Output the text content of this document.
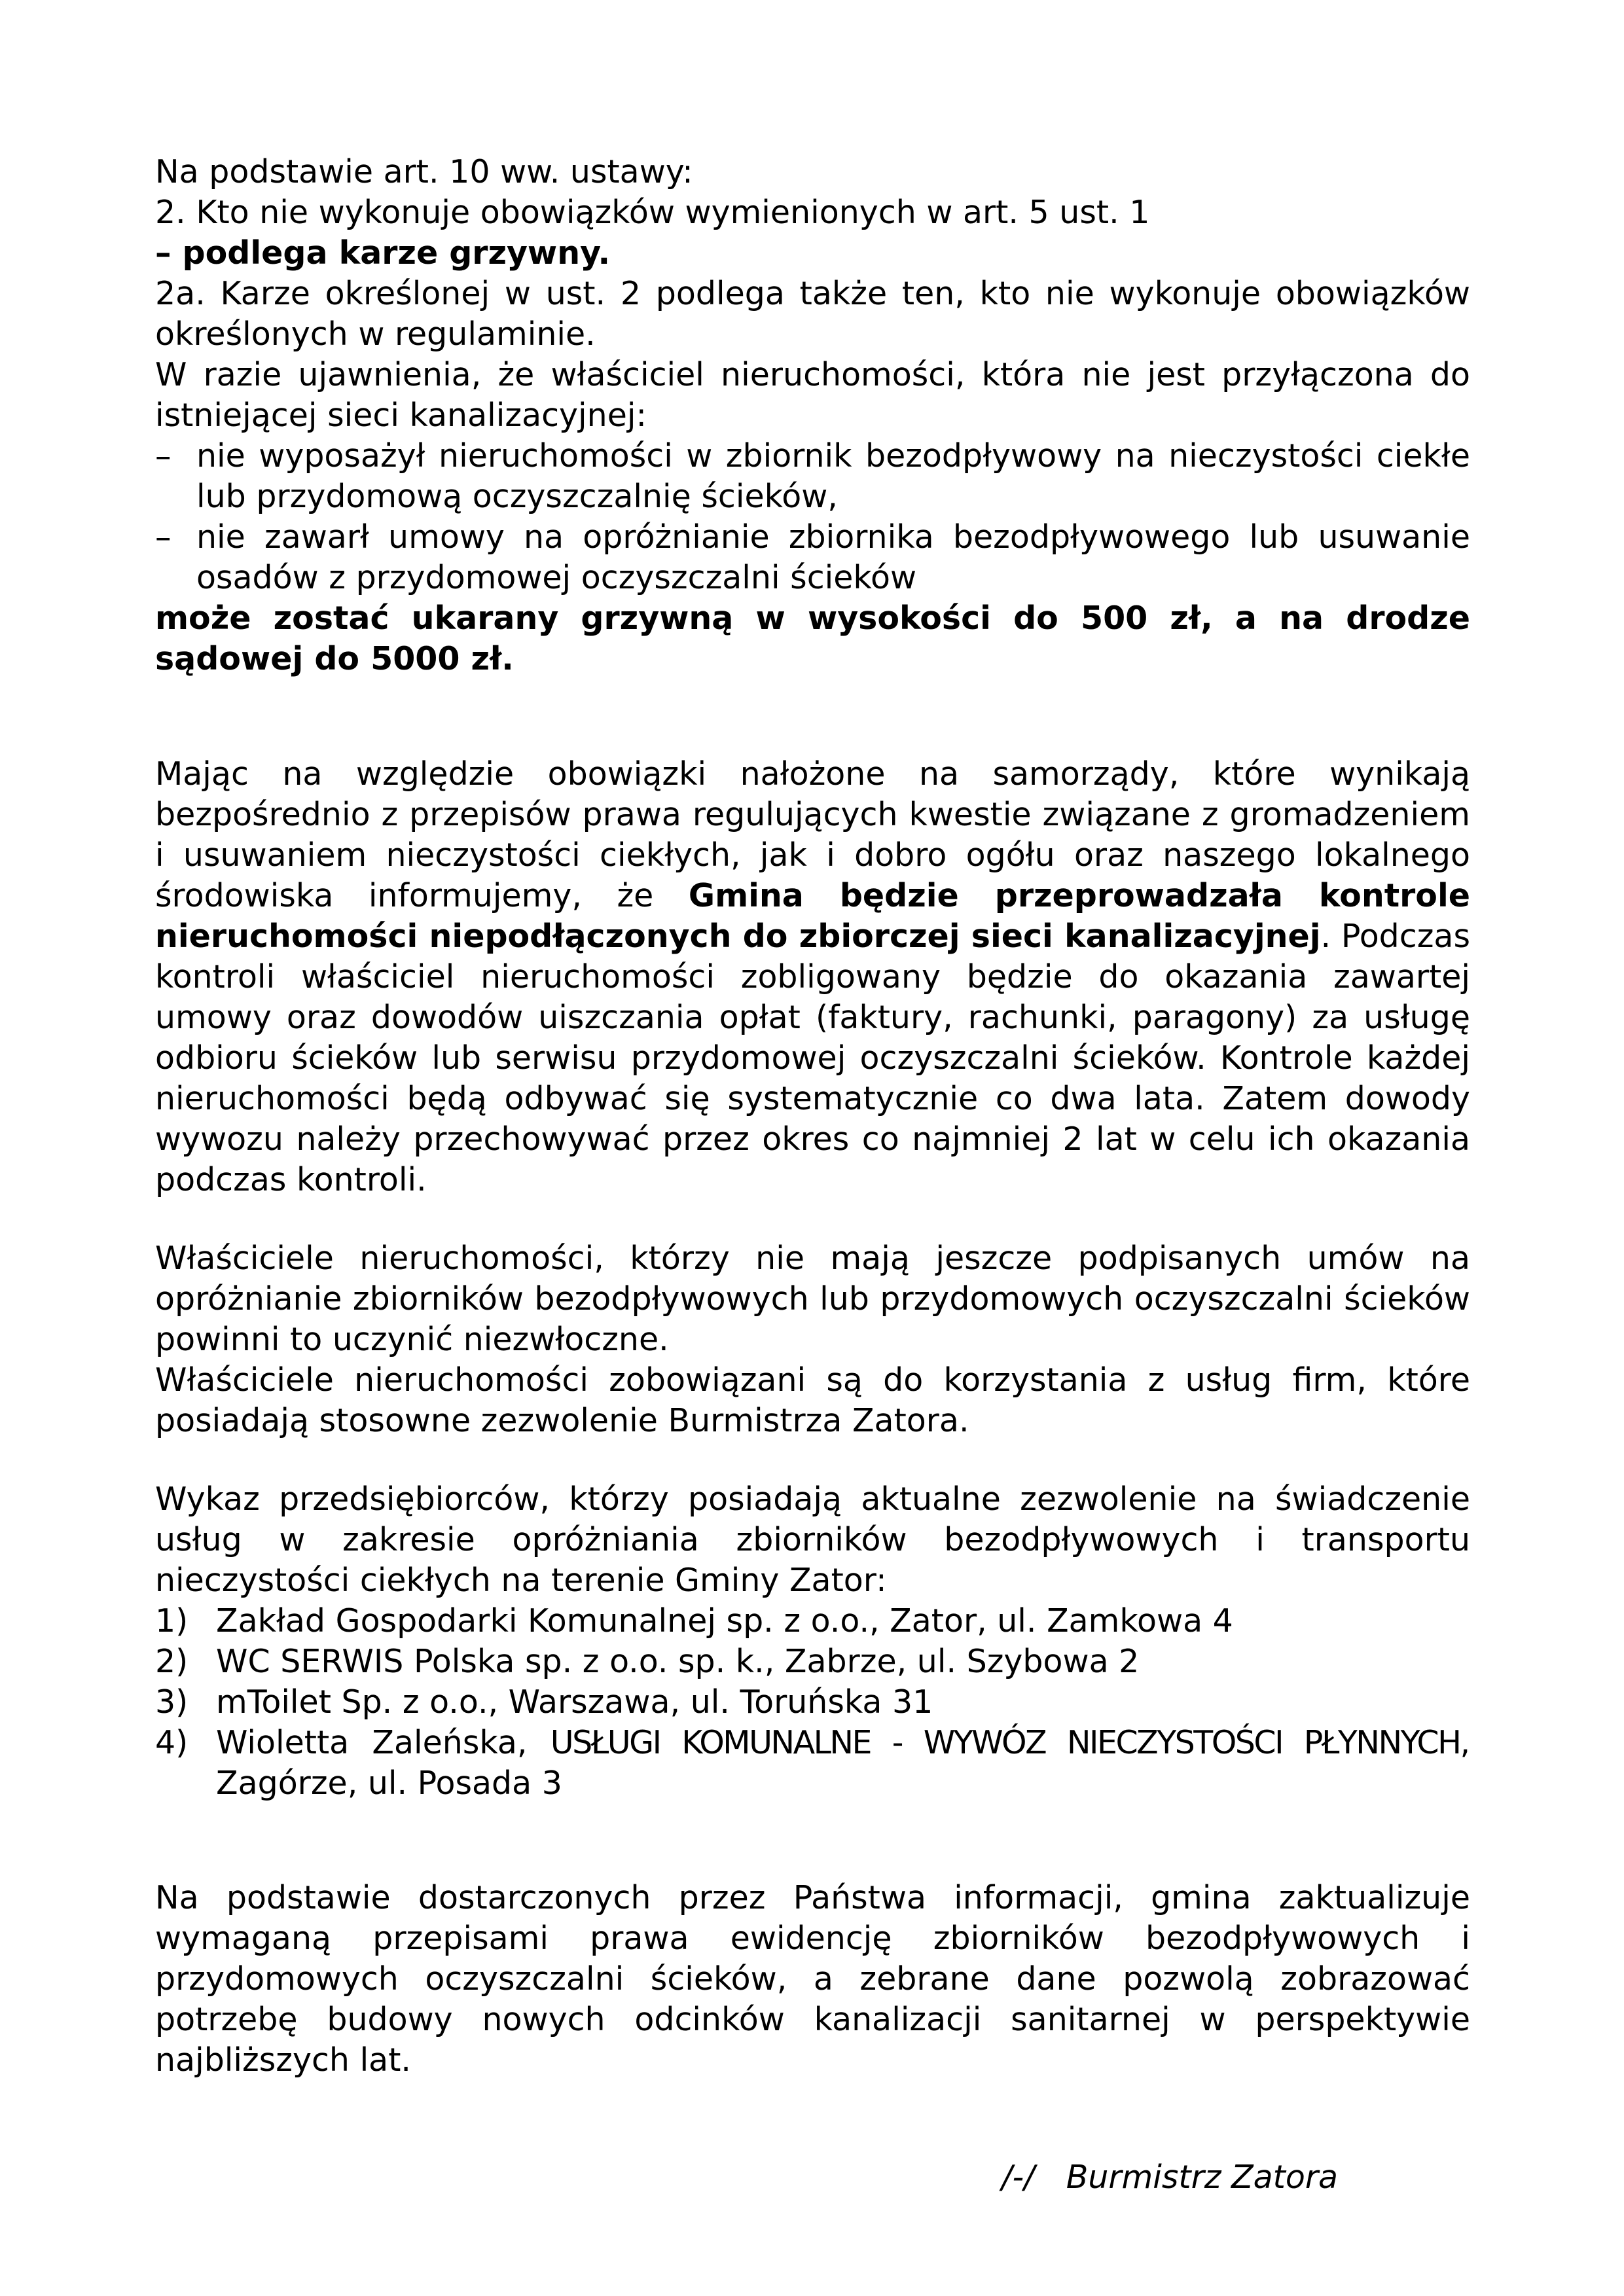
Na podstawie art. 10 ww. ustawy:

2. Kto nie wykonuje obowiązków wymienionych w art. 5 ust. 1

– podlega karze grzywny.

2a. Karze określonej w ust. 2 podlega także ten, kto nie wykonuje obowiązków określonych w regulaminie.

W razie ujawnienia, że właściciel nieruchomości, która nie jest przyłączona do istniejącej sieci kanalizacyjnej:

– nie wyposażył nieruchomości w zbiornik bezodpływowy na nieczystości ciekłe lub przydomową oczyszczalnię ścieków,
– nie zawarł umowy na opróżnianie zbiornika bezodpływowego lub usuwanie osadów z przydomowej oczyszczalni ścieków

może zostać ukarany grzywną w wysokości do 500 zł, a na drodze sądowej do 5000 zł.

Mając na względzie obowiązki nałożone na samorządy, które wynikają bezpośrednio z przepisów prawa regulujących kwestie związane z gromadzeniem i usuwaniem nieczystości ciekłych, jak i dobro ogółu oraz naszego lokalnego środowiska informujemy, że Gmina będzie przeprowadzała kontrole nieruchomości niepodłączonych do zbiorczej sieci kanalizacyjnej. Podczas kontroli właściciel nieruchomości zobligowany będzie do okazania zawartej umowy oraz dowodów uiszczania opłat (faktury, rachunki, paragony) za usługę odbioru ścieków lub serwisu przydomowej oczyszczalni ścieków. Kontrole każdej nieruchomości będą odbywać się systematycznie co dwa lata. Zatem dowody wywozu należy przechowywać przez okres co najmniej 2 lat w celu ich okazania podczas kontroli.

Właściciele nieruchomości, którzy nie mają jeszcze podpisanych umów na opróżnianie zbiorników bezodpływowych lub przydomowych oczyszczalni ścieków powinni to uczynić niezwłoczne.

Właściciele nieruchomości zobowiązani są do korzystania z usług firm, które posiadają stosowne zezwolenie Burmistrza Zatora.

Wykaz przedsiębiorców, którzy posiadają aktualne zezwolenie na świadczenie usług w zakresie opróżniania zbiorników bezodpływowych i transportu nieczystości ciekłych na terenie Gminy Zator:

1) Zakład Gospodarki Komunalnej sp. z o.o., Zator, ul. Zamkowa 4
2) WC SERWIS Polska sp. z o.o. sp. k., Zabrze, ul. Szybowa 2
3) mToilet Sp. z o.o., Warszawa, ul. Toruńska 31
4) Wioletta Zaleńska, USŁUGI KOMUNALNE - WYWÓZ NIECZYSTOŚCI PŁYNNYCH, Zagórze, ul. Posada 3

Na podstawie dostarczonych przez Państwa informacji, gmina zaktualizuje wymaganą przepisami prawa ewidencję zbiorników bezodpływowych i przydomowych oczyszczalni ścieków, a zebrane dane pozwolą zobrazować potrzebę budowy nowych odcinków kanalizacji sanitarnej w perspektywie najbliższych lat.

/-/ Burmistrz Zatora
